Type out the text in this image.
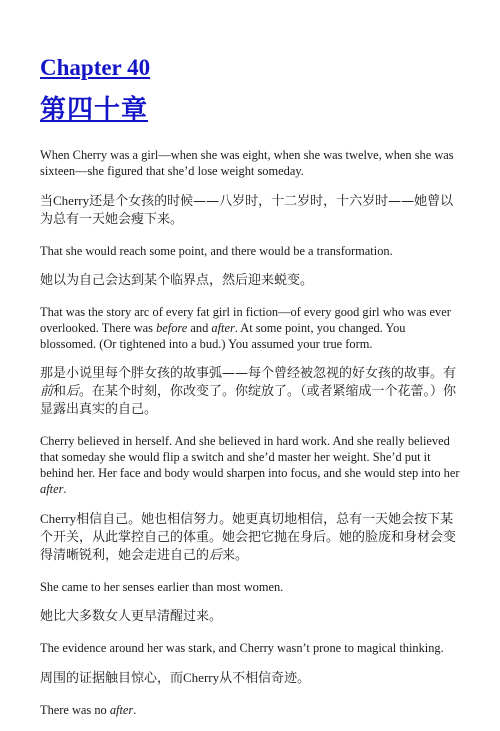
Chapter 40
第四十章

When Cherry was a girl—when she was eight, when she was twelve, when she was sixteen—she figured that she’d lose weight someday.

当Cherry还是个女孩的时候——八岁时，十二岁时，十六岁时——她曾以为总有一天她会瘦下来。

That she would reach some point, and there would be a transformation.

她以为自己会达到某个临界点，然后迎来蜕变。

That was the story arc of every fat girl in fiction—of every good girl who was ever overlooked. There was before and after. At some point, you changed. You blossomed. (Or tightened into a bud.) You assumed your true form.

那是小说里每个胖女孩的故事弧——每个曾经被忽视的好女孩的故事。有前和后。在某个时刻，你改变了。你绽放了。（或者紧缩成一个花蕾。）你显露出真实的自己。

Cherry believed in herself. And she believed in hard work. And she really believed that someday she would flip a switch and she’d master her weight. She’d put it behind her. Her face and body would sharpen into focus, and she would step into her after.

Cherry相信自己。她也相信努力。她更真切地相信，总有一天她会按下某个开关，从此掌控自己的体重。她会把它抛在身后。她的脸庞和身材会变得清晰锐利，她会走进自己的后来。

She came to her senses earlier than most women.

她比大多数女人更早清醒过来。

The evidence around her was stark, and Cherry wasn’t prone to magical thinking.

周围的证据触目惊心，而Cherry从不相信奇迹。

There was no after.
